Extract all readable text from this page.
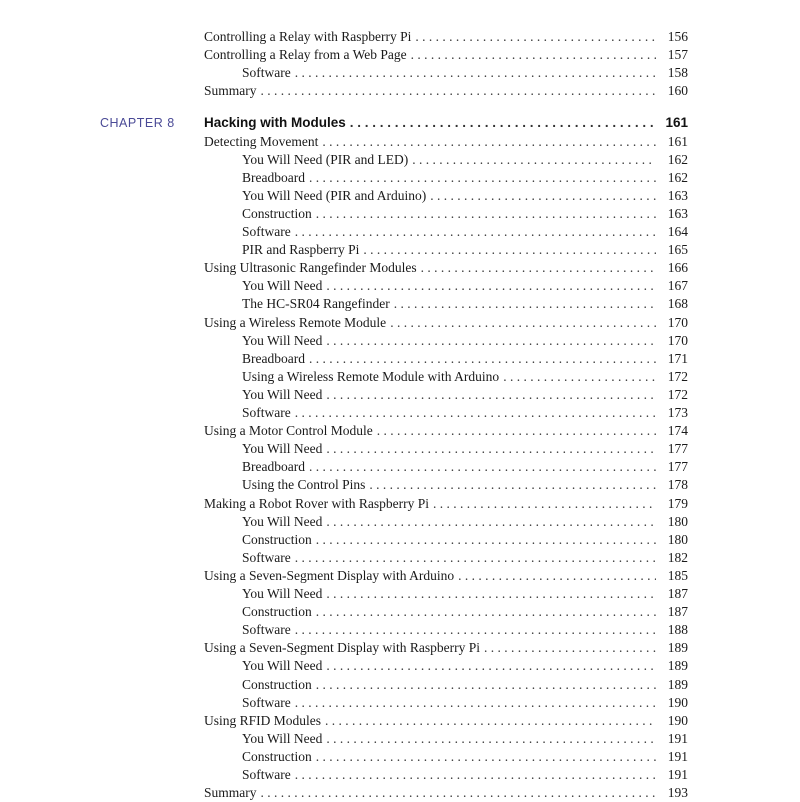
CHAPTER 8
Controlling a Relay with Raspberry Pi . . .	156
Controlling a Relay from a Web Page . . .	157
Software . . .	158
Summary . . .	160
Hacking with Modules . . .	161
Detecting Movement . . .	161
You Will Need (PIR and LED) . . .	162
Breadboard . . .	162
You Will Need (PIR and Arduino) . . .	163
Construction . . .	163
Software . . .	164
PIR and Raspberry Pi . . .	165
Using Ultrasonic Rangefinder Modules . . .	166
You Will Need . . .	167
The HC-SR04 Rangefinder . . .	168
Using a Wireless Remote Module . . .	170
You Will Need . . .	170
Breadboard . . .	171
Using a Wireless Remote Module with Arduino . . .	172
You Will Need . . .	172
Software . . .	173
Using a Motor Control Module . . .	174
You Will Need . . .	177
Breadboard . . .	177
Using the Control Pins . . .	178
Making a Robot Rover with Raspberry Pi . . .	179
You Will Need . . .	180
Construction . . .	180
Software . . .	182
Using a Seven-Segment Display with Arduino . . .	185
You Will Need . . .	187
Construction . . .	187
Software . . .	188
Using a Seven-Segment Display with Raspberry Pi . . .	189
You Will Need . . .	189
Construction . . .	189
Software . . .	190
Using RFID Modules . . .	190
You Will Need . . .	191
Construction . . .	191
Software . . .	191
Summary . . .	193
